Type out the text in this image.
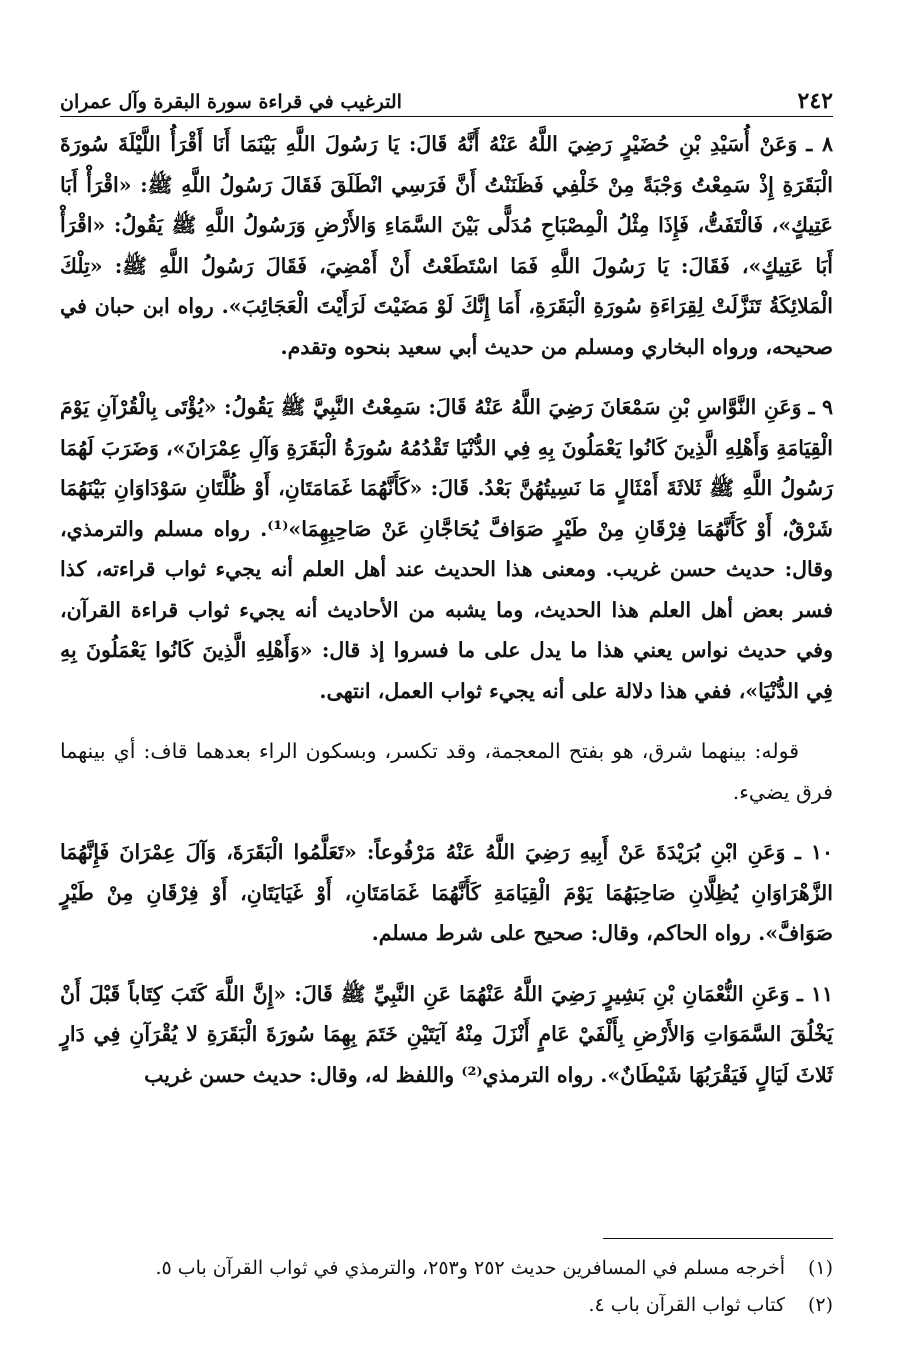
٢٤٢
الترغيب في قراءة سورة البقرة وآل عمران

٨ ـ وَعَنْ أُسَيْدِ بْنِ حُضَيْرٍ رَضِيَ اللَّهُ عَنْهُ أَنَّهُ قَالَ: يَا رَسُولَ اللَّهِ بَيْنَمَا أَنَا أَقْرَأُ اللَّيْلَةَ سُورَةَ الْبَقَرَةِ إِذْ سَمِعْتُ وَجْبَةً مِنْ خَلْفِي فَظَنَنْتُ أَنَّ فَرَسِي انْطَلَقَ فَقَالَ رَسُولُ اللَّهِ ﷺ: «اقْرَأْ أَبَا عَتِيكٍ»، فَالْتَفَتُّ، فَإِذَا مِثْلُ الْمِصْبَاحِ مُدَلًّى بَيْنَ السَّمَاءِ وَالأَرْضِ وَرَسُولُ اللَّهِ ﷺ يَقُولُ: «اقْرَأْ أَبَا عَتِيكٍ»، فَقَالَ: يَا رَسُولَ اللَّهِ فَمَا اسْتَطَعْتُ أَنْ أَمْضِيَ، فَقَالَ رَسُولُ اللَّهِ ﷺ: «تِلْكَ الْمَلائِكَةُ تَنَزَّلَتْ لِقِرَاءَةِ سُورَةِ الْبَقَرَةِ، أَمَا إِنَّكَ لَوْ مَضَيْتَ لَرَأَيْتَ الْعَجَائِبَ». رواه ابن حبان في صحيحه، ورواه البخاري ومسلم من حديث أبي سعيد بنحوه وتقدم.

٩ ـ وَعَنِ النَّوَّاسِ بْنِ سَمْعَانَ رَضِيَ اللَّهُ عَنْهُ قَالَ: سَمِعْتُ النَّبِيَّ ﷺ يَقُولُ: «يُؤْتَى بِالْقُرْآنِ يَوْمَ الْقِيَامَةِ وَأَهْلِهِ الَّذِينَ كَانُوا يَعْمَلُونَ بِهِ فِي الدُّنْيَا تَقْدُمُهُ سُورَةُ الْبَقَرَةِ وَآلِ عِمْرَانَ»، وَضَرَبَ لَهُمَا رَسُولُ اللَّهِ ﷺ ثَلاثَةَ أَمْثَالٍ مَا نَسِيتُهُنَّ بَعْدُ. قَالَ: «كَأَنَّهُمَا غَمَامَتَانِ، أَوْ ظُلَّتَانِ سَوْدَاوَانِ بَيْنَهُمَا شَرْقٌ، أَوْ كَأَنَّهُمَا فِرْقَانِ مِنْ طَيْرٍ صَوَافَّ يُحَاجَّانِ عَنْ صَاحِبِهِمَا»⁽¹⁾. رواه مسلم والترمذي، وقال: حديث حسن غريب. ومعنى هذا الحديث عند أهل العلم أنه يجيء ثواب قراءته، كذا فسر بعض أهل العلم هذا الحديث، وما يشبه من الأحاديث أنه يجيء ثواب قراءة القرآن، وفي حديث نواس يعني هذا ما يدل على ما فسروا إذ قال: «وَأَهْلِهِ الَّذِينَ كَانُوا يَعْمَلُونَ بِهِ فِي الدُّنْيَا»، ففي هذا دلالة على أنه يجيء ثواب العمل، انتهى.

قوله: بينهما شرق، هو بفتح المعجمة، وقد تكسر، وبسكون الراء بعدهما قاف: أي بينهما فرق يضيء.

١٠ ـ وَعَنِ ابْنِ بُرَيْدَةَ عَنْ أَبِيهِ رَضِيَ اللَّهُ عَنْهُ مَرْفُوعاً: «تَعَلَّمُوا الْبَقَرَةَ، وَآلَ عِمْرَانَ فَإِنَّهُمَا الزَّهْرَاوَانِ يُظِلَّانِ صَاحِبَهُمَا يَوْمَ الْقِيَامَةِ كَأَنَّهُمَا غَمَامَتَانِ، أَوْ غَيَايَتَانِ، أَوْ فِرْقَانِ مِنْ طَيْرٍ صَوَافَّ». رواه الحاكم، وقال: صحيح على شرط مسلم.

١١ ـ وَعَنِ النُّعْمَانِ بْنِ بَشِيرٍ رَضِيَ اللَّهُ عَنْهُمَا عَنِ النَّبِيِّ ﷺ قَالَ: «إِنَّ اللَّهَ كَتَبَ كِتَاباً قَبْلَ أَنْ يَخْلُقَ السَّمَوَاتِ وَالأَرْضِ بِأَلْفَيْ عَامٍ أَنْزَلَ مِنْهُ آيَتَيْنِ خَتَمَ بِهِمَا سُورَةَ الْبَقَرَةِ لا يُقْرَآنِ فِي دَارٍ ثَلاثَ لَيَالٍ فَيَقْرَبُهَا شَيْطَانٌ». رواه الترمذي⁽²⁾ واللفظ له، وقال: حديث حسن غريب

(١)
أخرجه مسلم في المسافرين حديث ٢٥٢ و٢٥٣، والترمذي في ثواب القرآن باب ٥.
(٢)
كتاب ثواب القرآن باب ٤.
